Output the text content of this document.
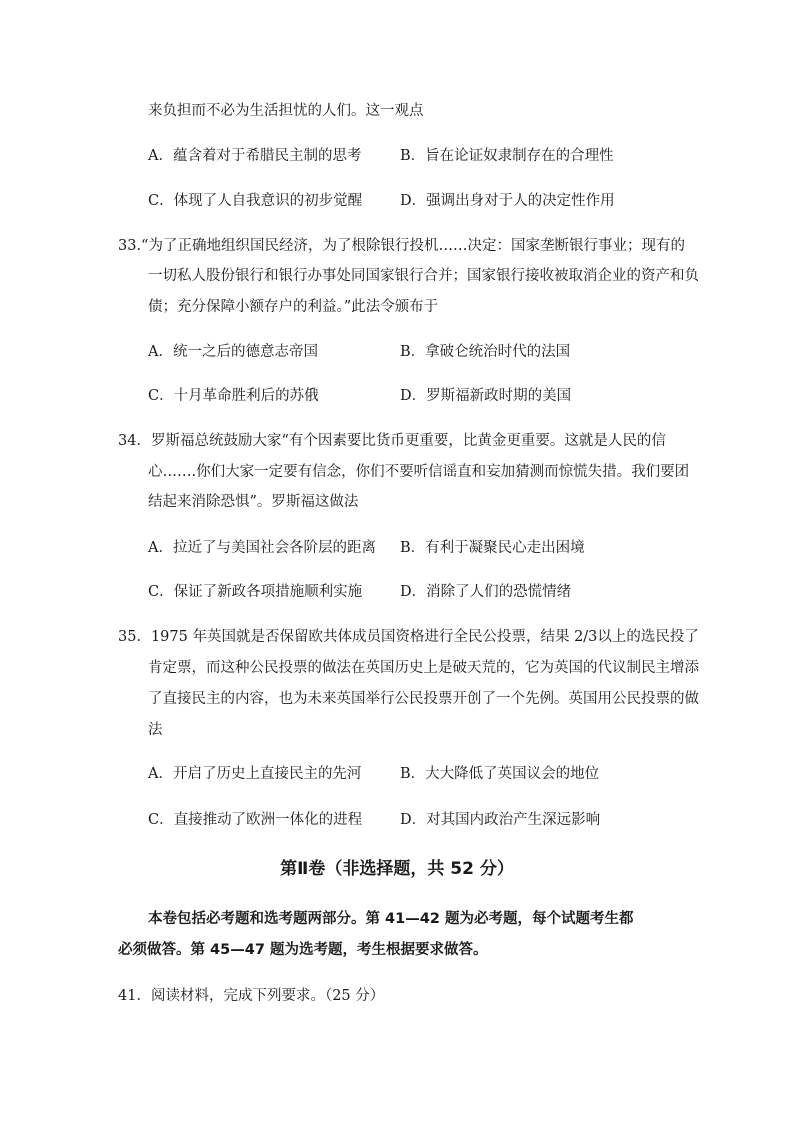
来负担而不必为生活担忧的人们。这一观点
A．蕴含着对于希腊民主制的思考	B．旨在论证奴隶制存在的合理性
C．体现了人自我意识的初步觉醒	D．强调出身对于人的决定性作用
33.“为了正确地组织国民经济，为了根除银行投机……决定：国家垄断银行事业；现有的
一切私人股份银行和银行办事处同国家银行合并；国家银行接收被取消企业的资产和负
债；充分保障小额存户的利益。”此法令颁布于
A．统一之后的德意志帝国	B．拿破仑统治时代的法国
C．十月革命胜利后的苏俄	D．罗斯福新政时期的美国
34．罗斯福总统鼓励大家“有个因素要比货币更重要，比黄金更重要。这就是人民的信
心…….你们大家一定要有信念，你们不要听信谣直和妄加猜测而惊慌失措。我们要团
结起来消除恐惧”。罗斯福这做法
A．拉近了与美国社会各阶层的距离 B．有利于凝聚民心走出困境
C．保证了新政各项措施顺利实施	D．消除了人们的恐慌情绪
35．1975 年英国就是否保留欧共体成员国资格进行全民公投票，结果 2/3以上的选民投了
肯定票，而这种公民投票的做法在英国历史上是破天荒的，它为英国的代议制民主增添
了直接民主的内容，也为未来英国举行公民投票开创了一个先例。英国用公民投票的做
法
A．开启了历史上直接民主的先河	B．大大降低了英国议会的地位
C．直接推动了欧洲一体化的进程	D．对其国内政治产生深远影响
第Ⅱ卷（非选择题，共 52 分）
本卷包括必考题和选考题两部分。第 41—42 题为必考题，每个试题考生都
必须做答。第 45—47 题为选考题，考生根据要求做答。
41．阅读材料，完成下列要求。（25 分）
